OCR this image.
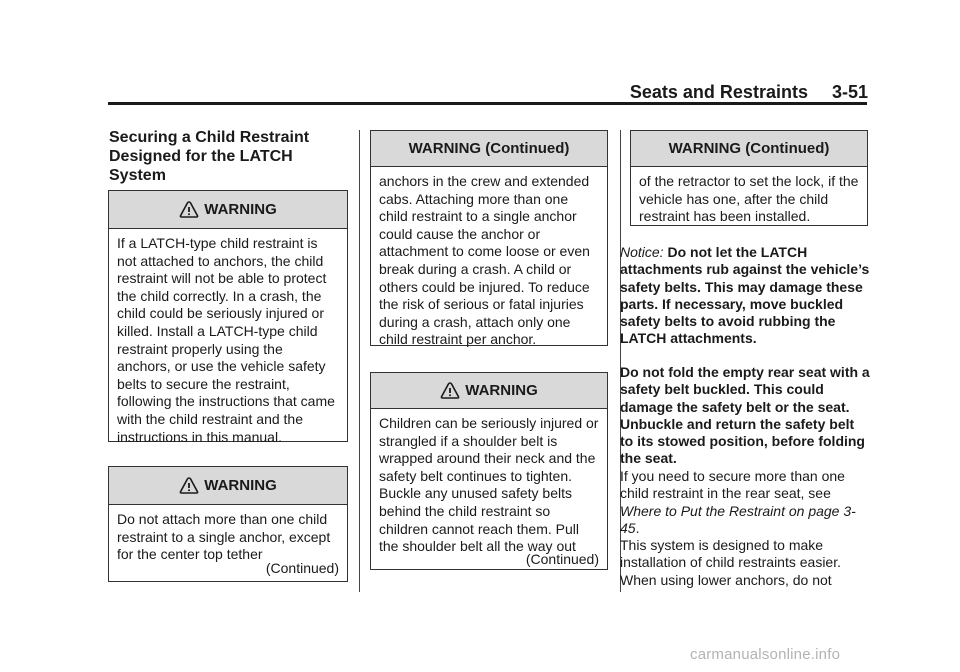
Seats and Restraints 3-51
Securing a Child Restraint Designed for the LATCH System
WARNING
If a LATCH-type child restraint is not attached to anchors, the child restraint will not be able to protect the child correctly. In a crash, the child could be seriously injured or killed. Install a LATCH-type child restraint properly using the anchors, or use the vehicle safety belts to secure the restraint, following the instructions that came with the child restraint and the instructions in this manual.
WARNING
Do not attach more than one child restraint to a single anchor, except for the center top tether
(Continued)
WARNING (Continued)
anchors in the crew and extended cabs. Attaching more than one child restraint to a single anchor could cause the anchor or attachment to come loose or even break during a crash. A child or others could be injured. To reduce the risk of serious or fatal injuries during a crash, attach only one child restraint per anchor.
WARNING
Children can be seriously injured or strangled if a shoulder belt is wrapped around their neck and the safety belt continues to tighten. Buckle any unused safety belts behind the child restraint so children cannot reach them. Pull the shoulder belt all the way out
(Continued)
WARNING (Continued)
of the retractor to set the lock, if the vehicle has one, after the child restraint has been installed.
Notice: Do not let the LATCH attachments rub against the vehicle’s safety belts. This may damage these parts. If necessary, move buckled safety belts to avoid rubbing the LATCH attachments.
Do not fold the empty rear seat with a safety belt buckled. This could damage the safety belt or the seat. Unbuckle and return the safety belt to its stowed position, before folding the seat.
If you need to secure more than one child restraint in the rear seat, see Where to Put the Restraint on page 3-45.
This system is designed to make installation of child restraints easier. When using lower anchors, do not
carmanualsonline.info
